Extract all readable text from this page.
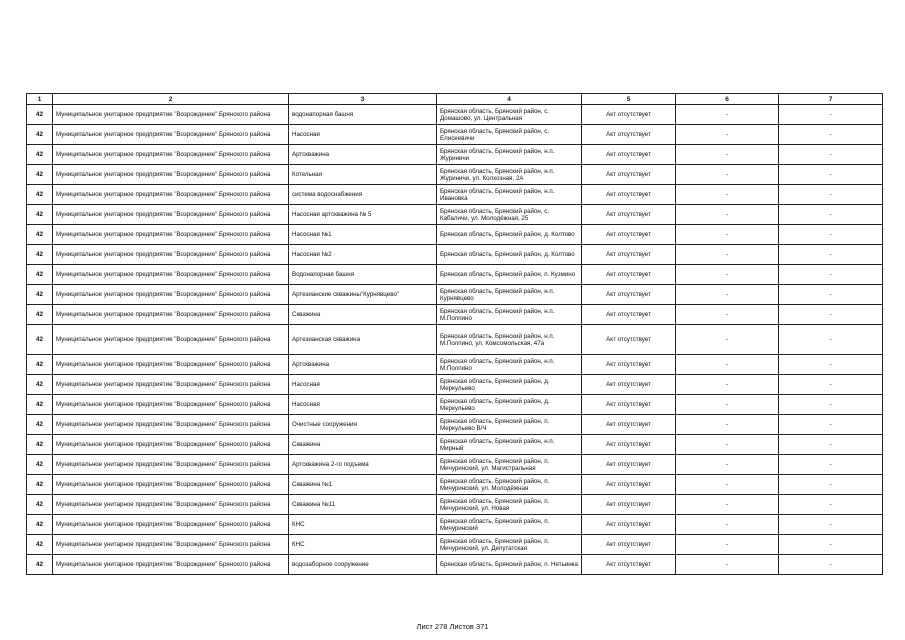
1	2	3	4	5	6	7
42	Муниципальное унитарное предприятие "Возрождение" Брянского района	водонапорная башня	Брянская область, Брянский район, с. Домашово, ул. Центральная	Акт отсутствует	-	-
42	Муниципальное унитарное предприятие "Возрождение" Брянского района	Насосная	Брянская область, Брянский район, с. Елисеевичи	Акт отсутствует	-	-
42	Муниципальное унитарное предприятие "Возрождение" Брянского района	Артскважина	Брянская область, Брянский район, н.п. Журиничи	Акт отсутствует	-	-
42	Муниципальное унитарное предприятие "Возрождение" Брянского района	Котельная	Брянская область, Брянский район, н.п. Журиничи, ул. Колхозная, 2А	Акт отсутствует	-	-
42	Муниципальное унитарное предприятие "Возрождение" Брянского района	система водоснабжения	Брянская область, Брянский район, н.п. Ивановка	Акт отсутствует	-	-
42	Муниципальное унитарное предприятие "Возрождение" Брянского района	Насосная артскважина № 5	Брянская область, Брянский район, с. Кабаличи, ул. Молодёжная, 25	Акт отсутствует	-	-
42	Муниципальное унитарное предприятие "Возрождение" Брянского района	Насосная №1	Брянская область, Брянский район, д. Колтово	Акт отсутствует	-	-
42	Муниципальное унитарное предприятие "Возрождение" Брянского района	Насосная №2	Брянская область, Брянский район, д. Колтово	Акт отсутствует	-	-
42	Муниципальное унитарное предприятие "Возрождение" Брянского района	Водонапорная башня	Брянская область, Брянский район, п. Кузмино	Акт отсутствует	-	-
42	Муниципальное унитарное предприятие "Возрождение" Брянского района	Артезианские скважины"Курнявцево"	Брянская область, Брянский район, н.п. Курнявцево	Акт отсутствует	-	-
42	Муниципальное унитарное предприятие "Возрождение" Брянского района	Скважина	Брянская область, Брянский район, н.п. М.Полпино	Акт отсутствует	-	-
42	Муниципальное унитарное предприятие "Возрождение" Брянского района	Артезианская скважина	Брянская область, Брянский район, н.п. М.Полпино, ул. Комсомольская, 47а	Акт отсутствует	-	-
42	Муниципальное унитарное предприятие "Возрождение" Брянского района	Артскважина	Брянская область, Брянский район, н.п. М.Полпино	Акт отсутствует	-	-
42	Муниципальное унитарное предприятие "Возрождение" Брянского района	Насосная	Брянская область, Брянский район, д. Меркульево	Акт отсутствует	-	-
42	Муниципальное унитарное предприятие "Возрождение" Брянского района	Насосная	Брянская область, Брянский район, д. Меркульево	Акт отсутствует	-	-
42	Муниципальное унитарное предприятие "Возрождение" Брянского района	Очистные сооружения	Брянская область, Брянский район, п. Меркульево В/Ч	Акт отсутствует	-	-
42	Муниципальное унитарное предприятие "Возрождение" Брянского района	Скважина	Брянская область, Брянский район, н.п. Мирный	Акт отсутствует	-	-
42	Муниципальное унитарное предприятие "Возрождение" Брянского района	Артскважина 2-го подъема	Брянская область, Брянский район, п. Мичуринский, ул. Магистральная	Акт отсутствует	-	-
42	Муниципальное унитарное предприятие "Возрождение" Брянского района	Скважина №1	Брянская область, Брянский район, п. Мичуринский, ул. Молодёжная	Акт отсутствует	-	-
42	Муниципальное унитарное предприятие "Возрождение" Брянского района	Скважина №11	Брянская область, Брянский район, п. Мичуринский, ул. Новая	Акт отсутствует	-	-
42	Муниципальное унитарное предприятие "Возрождение" Брянского района	КНС	Брянская область, Брянский район, п. Мичуринский	Акт отсутствует	-	-
42	Муниципальное унитарное предприятие "Возрождение" Брянского района	КНС	Брянская область, Брянский район, п. Мичуринский, ул. Депутатская	Акт отсутствует	-	-
42	Муниципальное унитарное предприятие "Возрождение" Брянского района	водозаборное сооружение	Брянская область, Брянский район, п. Нетьинка	Акт отсутствует	-	-
Лист 278 Листов 371
